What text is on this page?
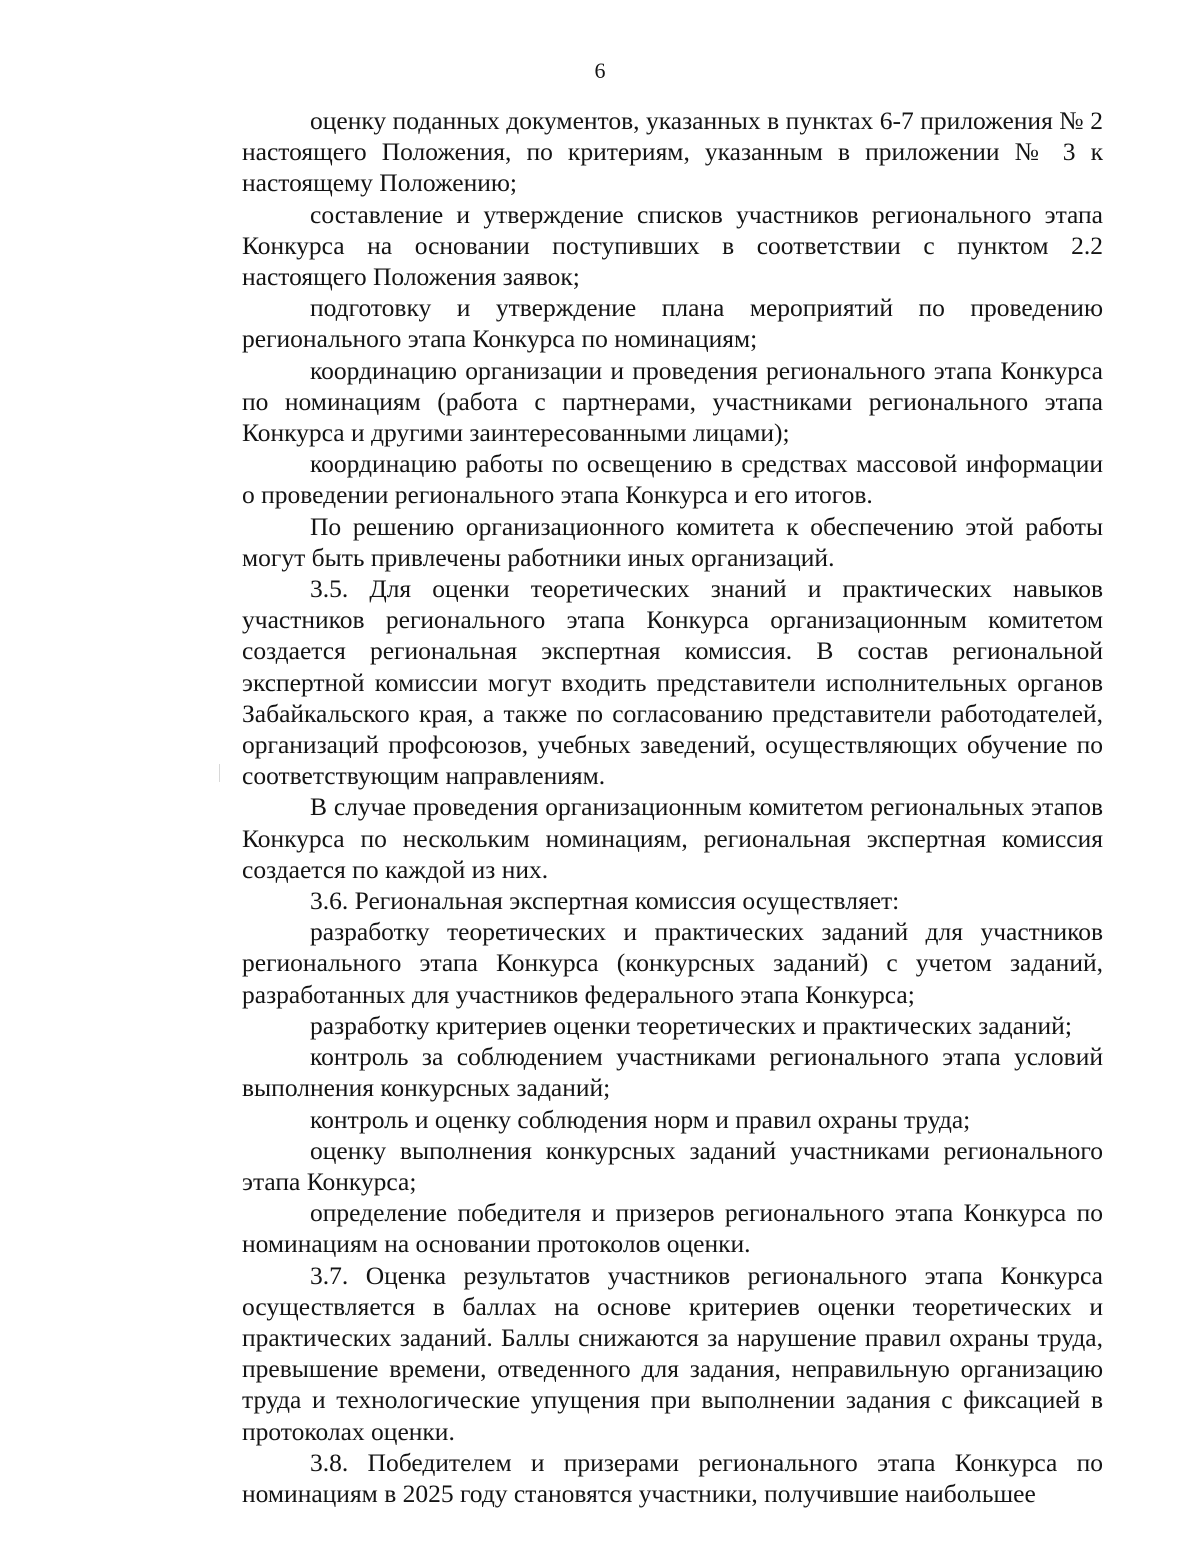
6

оценку поданных документов, указанных в пунктах 6-7 приложения № 2 настоящего Положения, по критериям, указанным в приложении № 3 к настоящему Положению;

составление и утверждение списков участников регионального этапа Конкурса на основании поступивших в соответствии с пунктом 2.2 настоящего Положения заявок;

подготовку и утверждение плана мероприятий по проведению регионального этапа Конкурса по номинациям;

координацию организации и проведения регионального этапа Конкурса по номинациям (работа с партнерами, участниками регионального этапа Конкурса и другими заинтересованными лицами);

координацию работы по освещению в средствах массовой информации о проведении регионального этапа Конкурса и его итогов.

По решению организационного комитета к обеспечению этой работы могут быть привлечены работники иных организаций.

3.5. Для оценки теоретических знаний и практических навыков участников регионального этапа Конкурса организационным комитетом создается региональная экспертная комиссия. В состав региональной экспертной комиссии могут входить представители исполнительных органов Забайкальского края, а также по согласованию представители работодателей, организаций профсоюзов, учебных заведений, осуществляющих обучение по соответствующим направлениям.

В случае проведения организационным комитетом региональных этапов Конкурса по нескольким номинациям, региональная экспертная комиссия создается по каждой из них.

3.6. Региональная экспертная комиссия осуществляет:

разработку теоретических и практических заданий для участников регионального этапа Конкурса (конкурсных заданий) с учетом заданий, разработанных для участников федерального этапа Конкурса;

разработку критериев оценки теоретических и практических заданий;

контроль за соблюдением участниками регионального этапа условий выполнения конкурсных заданий;

контроль и оценку соблюдения норм и правил охраны труда;

оценку выполнения конкурсных заданий участниками регионального этапа Конкурса;

определение победителя и призеров регионального этапа Конкурса по номинациям на основании протоколов оценки.

3.7. Оценка результатов участников регионального этапа Конкурса осуществляется в баллах на основе критериев оценки теоретических и практических заданий. Баллы снижаются за нарушение правил охраны труда, превышение времени, отведенного для задания, неправильную организацию труда и технологические упущения при выполнении задания с фиксацией в протоколах оценки.

3.8. Победителем и призерами регионального этапа Конкурса по номинациям в 2025 году становятся участники, получившие наибольшее
